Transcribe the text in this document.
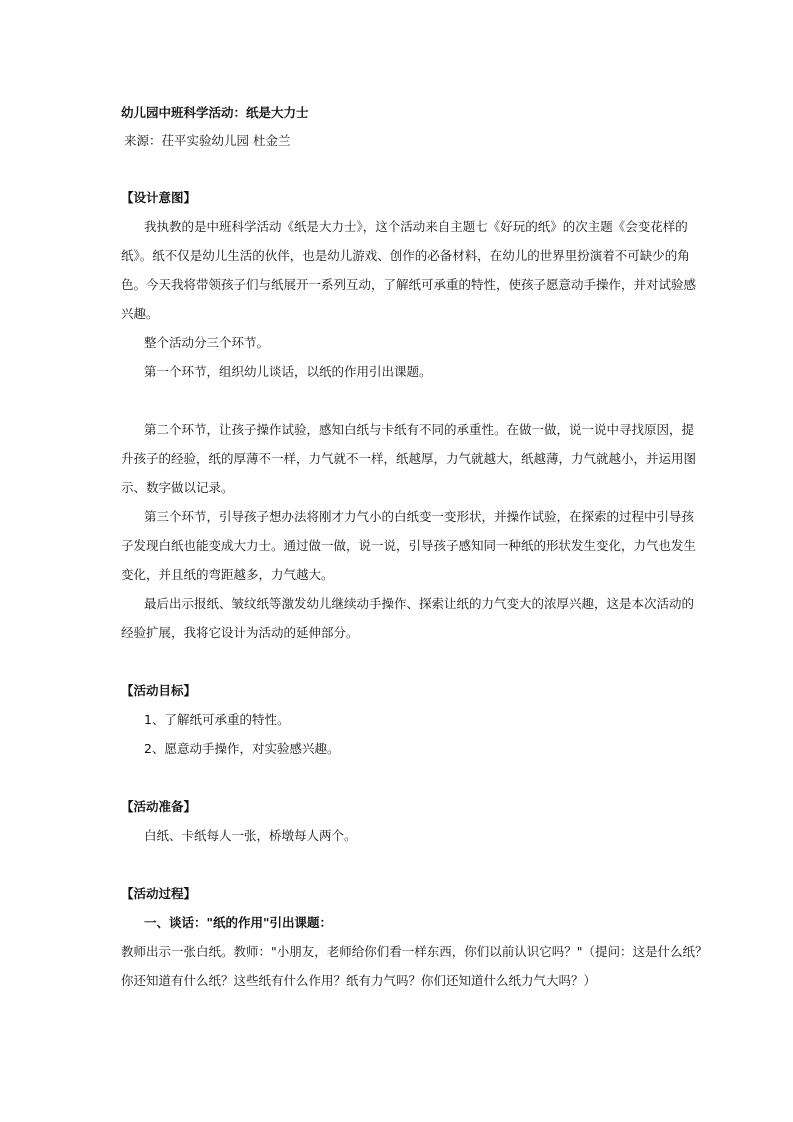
幼儿园中班科学活动：纸是大力士
来源：茌平实验幼儿园 杜金兰
【设计意图】
我执教的是中班科学活动《纸是大力士》，这个活动来自主题七《好玩的纸》的次主题《会变花样的
纸》。纸不仅是幼儿生活的伙伴，也是幼儿游戏、创作的必备材料，在幼儿的世界里扮演着不可缺少的角
色。今天我将带领孩子们与纸展开一系列互动，了解纸可承重的特性，使孩子愿意动手操作，并对试验感
兴趣。
整个活动分三个环节。
第一个环节，组织幼儿谈话，以纸的作用引出课题。
第二个环节，让孩子操作试验，感知白纸与卡纸有不同的承重性。在做一做，说一说中寻找原因，提
升孩子的经验，纸的厚薄不一样，力气就不一样，纸越厚，力气就越大，纸越薄，力气就越小，并运用图
示、数字做以记录。
第三个环节，引导孩子想办法将刚才力气小的白纸变一变形状，并操作试验，在探索的过程中引导孩
子发现白纸也能变成大力士。通过做一做，说一说，引导孩子感知同一种纸的形状发生变化，力气也发生
变化，并且纸的弯距越多，力气越大。
最后出示报纸、皱纹纸等激发幼儿继续动手操作、探索让纸的力气变大的浓厚兴趣，这是本次活动的
经验扩展，我将它设计为活动的延伸部分。
【活动目标】
1、了解纸可承重的特性。
2、愿意动手操作，对实验感兴趣。
【活动准备】
白纸、卡纸每人一张，桥墩每人两个。
【活动过程】
一、谈话："纸的作用"引出课题：
教师出示一张白纸。教师："小朋友，老师给你们看一样东西，你们以前认识它吗？"（提问：这是什么纸？
你还知道有什么纸？这些纸有什么作用？纸有力气吗？你们还知道什么纸力气大吗？）
